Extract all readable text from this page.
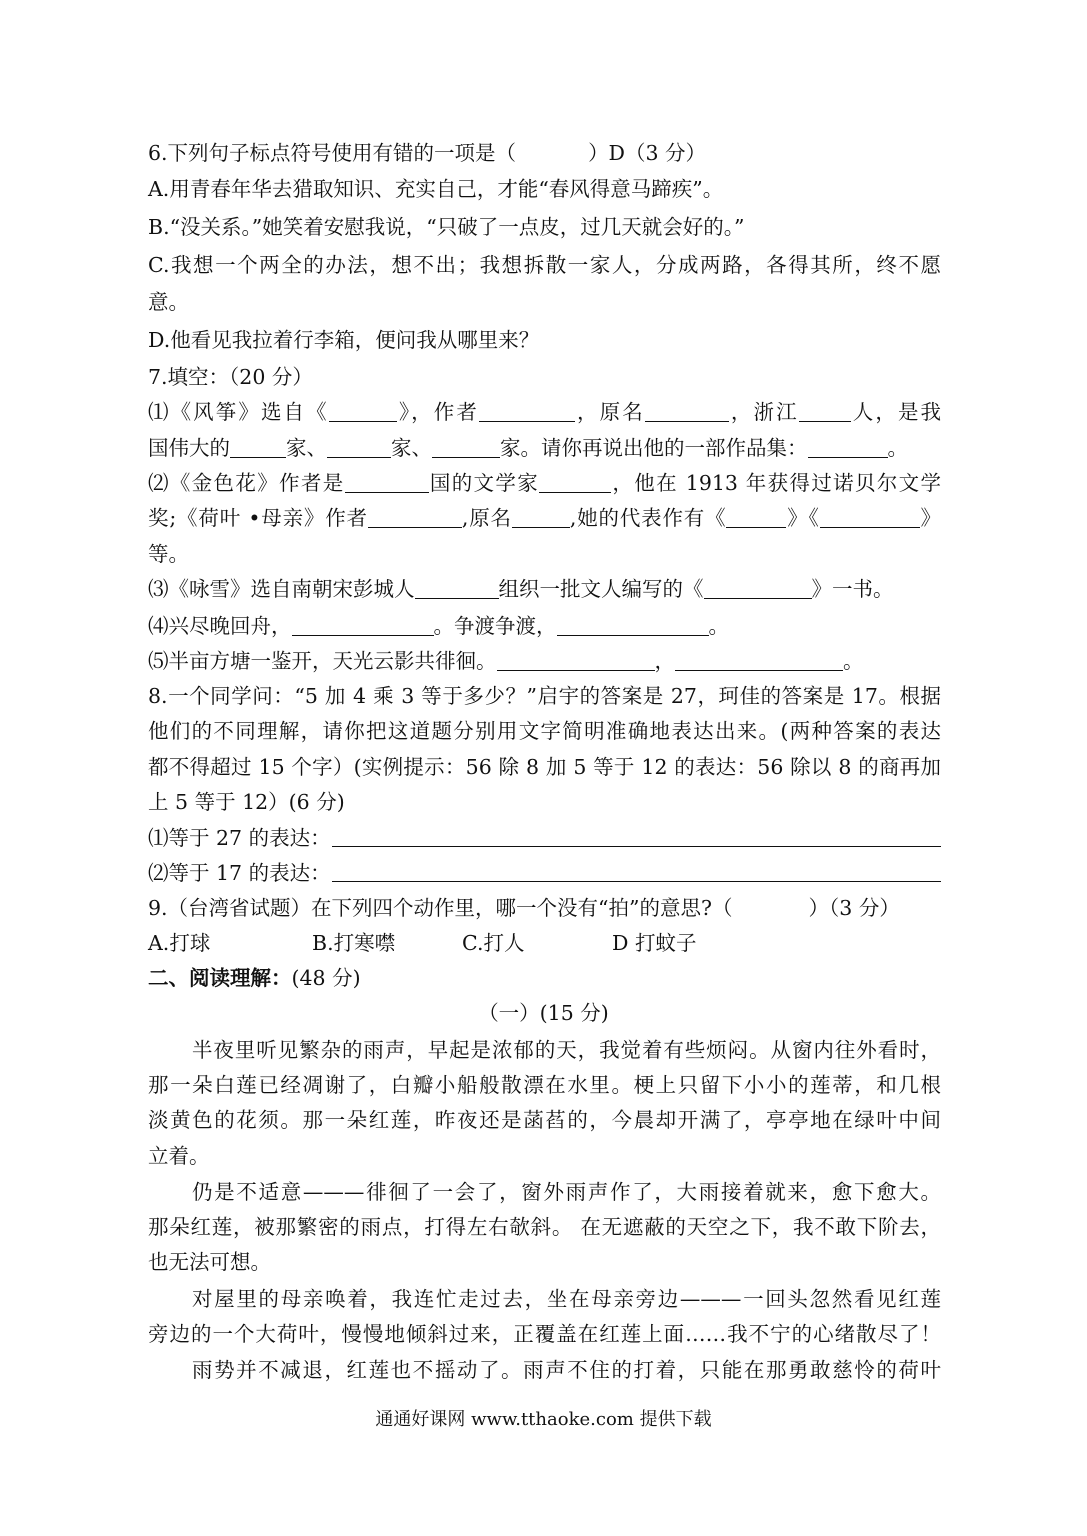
6.下列句子标点符号使用有错的一项是（	）D（3 分）
A.用青春年华去猎取知识、充实自己，才能“春风得意马蹄疾”。
B.“没关系。”她笑着安慰我说，“只破了一点皮，过几天就会好的。”
C.我想一个两全的办法，想不出；我想拆散一家人，分成两路，各得其所，终不愿
意。
D.他看见我拉着行李箱，便问我从哪里来？
7.填空：（20 分）
⑴《风筝》选自《	》，作者	，原名	，浙江	人，是我
国伟大的	家、	家、	家。请你再说出他的一部作品集：	。
⑵《金色花》作者是	国的文学家	，他在 1913 年获得过诺贝尔文学
奖;《荷叶 •母亲》作者	,原名	,她的代表作有《	》《	》
等。
⑶《咏雪》选自南朝宋彭城人	组织一批文人编写的《	》一书。
⑷兴尽晚回舟，	。争渡争渡，	。
⑸半亩方塘一鉴开，天光云影共徘徊。	，	。
8.一个同学问：“5 加 4 乘 3 等于多少？”启宇的答案是 27，珂佳的答案是 17。根据
他们的不同理解，请你把这道题分别用文字简明准确地表达出来。(两种答案的表达
都不得超过 15 个字）(实例提示：56 除 8 加 5 等于 12 的表达：56 除以 8 的商再加
上 5 等于 12）(6 分)
⑴等于 27 的表达：
⑵等于 17 的表达：
9.（台湾省试题）在下列四个动作里，哪一个没有“拍”的意思?（	）（3 分）
A.打球	B.打寒噤	C.打人	D 打蚊子
二、阅读理解：(48 分)
（一）(15 分)
半夜里听见繁杂的雨声，早起是浓郁的天，我觉着有些烦闷。从窗内往外看时，
那一朵白莲已经凋谢了，白瓣小船般散漂在水里。梗上只留下小小的莲蒂，和几根
淡黄色的花须。那一朵红莲，昨夜还是菡萏的，今晨却开满了，亭亭地在绿叶中间
立着。
仍是不适意———徘徊了一会了，窗外雨声作了，大雨接着就来，愈下愈大。
那朵红莲，被那繁密的雨点，打得左右欹斜。 在无遮蔽的天空之下，我不敢下阶去，
也无法可想。
对屋里的母亲唤着，我连忙走过去，坐在母亲旁边———一回头忽然看见红莲
旁边的一个大荷叶，慢慢地倾斜过来，正覆盖在红莲上面……我不宁的心绪散尽了！
雨势并不减退，红莲也不摇动了。雨声不住的打着，只能在那勇敢慈怜的荷叶
通通好课网 www.tthaoke.com 提供下载
